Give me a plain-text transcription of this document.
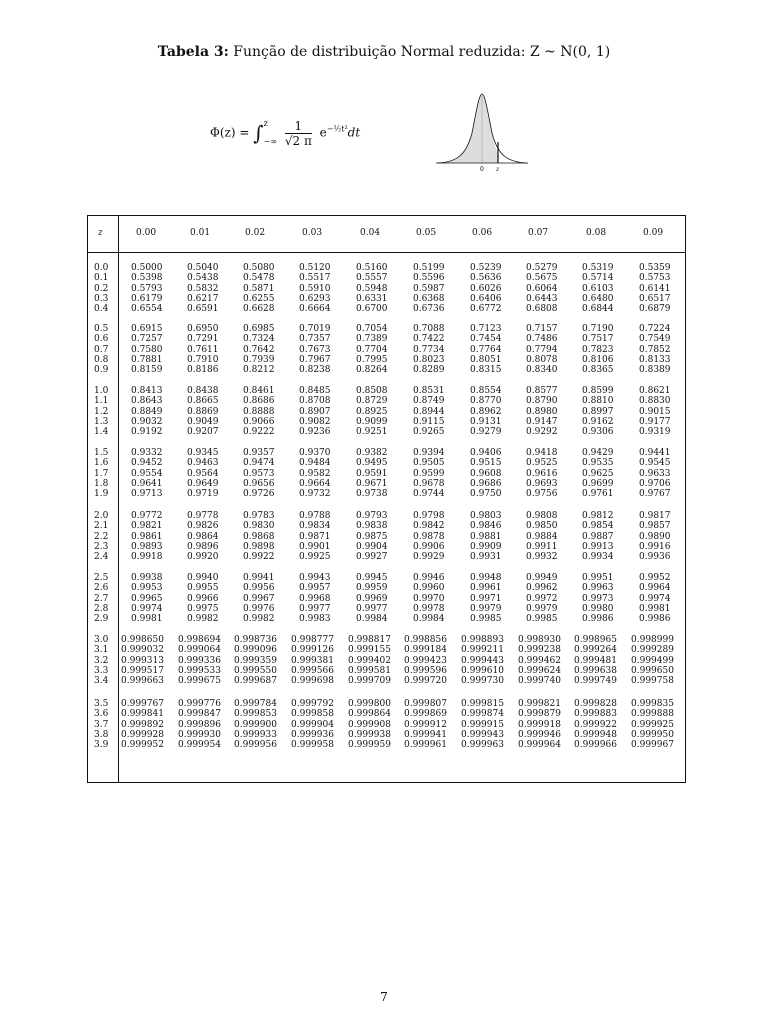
Tabela 3: Função de distribuição Normal reduzida: Z ~ N(0, 1)
Φ(z) = ∫ z
−∞
$\frac{1}{√2 \pi} e^{-\frac{1}{2}t^2}dt$
0 z
z	0.00	0.01	0.02	0.03	0.04	0.05	0.06	0.07	0.08	0.09
0.0	0.5000	0.5040	0.5080	0.5120	0.5160	0.5199	0.5239	0.5279	0.5319	0.5359
0.1	0.5398	0.5438	0.5478	0.5517	0.5557	0.5596	0.5636	0.5675	0.5714	0.5753
0.2	0.5793	0.5832	0.5871	0.5910	0.5948	0.5987	0.6026	0.6064	0.6103	0.6141
0.3	0.6179	0.6217	0.6255	0.6293	0.6331	0.6368	0.6406	0.6443	0.6480	0.6517
0.4	0.6554	0.6591	0.6628	0.6664	0.6700	0.6736	0.6772	0.6808	0.6844	0.6879
0.5	0.6915	0.6950	0.6985	0.7019	0.7054	0.7088	0.7123	0.7157	0.7190	0.7224
0.6	0.7257	0.7291	0.7324	0.7357	0.7389	0.7422	0.7454	0.7486	0.7517	0.7549
0.7	0.7580	0.7611	0.7642	0.7673	0.7704	0.7734	0.7764	0.7794	0.7823	0.7852
0.8	0.7881	0.7910	0.7939	0.7967	0.7995	0.8023	0.8051	0.8078	0.8106	0.8133
0.9	0.8159	0.8186	0.8212	0.8238	0.8264	0.8289	0.8315	0.8340	0.8365	0.8389
1.0	0.8413	0.8438	0.8461	0.8485	0.8508	0.8531	0.8554	0.8577	0.8599	0.8621
1.1	0.8643	0.8665	0.8686	0.8708	0.8729	0.8749	0.8770	0.8790	0.8810	0.8830
1.2	0.8849	0.8869	0.8888	0.8907	0.8925	0.8944	0.8962	0.8980	0.8997	0.9015
1.3	0.9032	0.9049	0.9066	0.9082	0.9099	0.9115	0.9131	0.9147	0.9162	0.9177
1.4	0.9192	0.9207	0.9222	0.9236	0.9251	0.9265	0.9279	0.9292	0.9306	0.9319
1.5	0.9332	0.9345	0.9357	0.9370	0.9382	0.9394	0.9406	0.9418	0.9429	0.9441
1.6	0.9452	0.9463	0.9474	0.9484	0.9495	0.9505	0.9515	0.9525	0.9535	0.9545
1.7	0.9554	0.9564	0.9573	0.9582	0.9591	0.9599	0.9608	0.9616	0.9625	0.9633
1.8	0.9641	0.9649	0.9656	0.9664	0.9671	0.9678	0.9686	0.9693	0.9699	0.9706
1.9	0.9713	0.9719	0.9726	0.9732	0.9738	0.9744	0.9750	0.9756	0.9761	0.9767
2.0	0.9772	0.9778	0.9783	0.9788	0.9793	0.9798	0.9803	0.9808	0.9812	0.9817
2.1	0.9821	0.9826	0.9830	0.9834	0.9838	0.9842	0.9846	0.9850	0.9854	0.9857
2.2	0.9861	0.9864	0.9868	0.9871	0.9875	0.9878	0.9881	0.9884	0.9887	0.9890
2.3	0.9893	0.9896	0.9898	0.9901	0.9904	0.9906	0.9909	0.9911	0.9913	0.9916
2.4	0.9918	0.9920	0.9922	0.9925	0.9927	0.9929	0.9931	0.9932	0.9934	0.9936
2.5	0.9938	0.9940	0.9941	0.9943	0.9945	0.9946	0.9948	0.9949	0.9951	0.9952
2.6	0.9953	0.9955	0.9956	0.9957	0.9959	0.9960	0.9961	0.9962	0.9963	0.9964
2.7	0.9965	0.9966	0.9967	0.9968	0.9969	0.9970	0.9971	0.9972	0.9973	0.9974
2.8	0.9974	0.9975	0.9976	0.9977	0.9977	0.9978	0.9979	0.9979	0.9980	0.9981
2.9	0.9981	0.9982	0.9982	0.9983	0.9984	0.9984	0.9985	0.9985	0.9986	0.9986
3.0	0.998650	0.998694	0.998736	0.998777	0.998817	0.998856	0.998893	0.998930	0.998965	0.998999
3.1	0.999032	0.999064	0.999096	0.999126	0.999155	0.999184	0.999211	0.999238	0.999264	0.999289
3.2	0.999313	0.999336	0.999359	0.999381	0.999402	0.999423	0.999443	0.999462	0.999481	0.999499
3.3	0.999517	0.999533	0.999550	0.999566	0.999581	0.999596	0.999610	0.999624	0.999638	0.999650
3.4	0.999663	0.999675	0.999687	0.999698	0.999709	0.999720	0.999730	0.999740	0.999749	0.999758
3.5	0.999767	0.999776	0.999784	0.999792	0.999800	0.999807	0.999815	0.999821	0.999828	0.999835
3.6	0.999841	0.999847	0.999853	0.999858	0.999864	0.999869	0.999874	0.999879	0.999883	0.999888
3.7	0.999892	0.999896	0.999900	0.999904	0.999908	0.999912	0.999915	0.999918	0.999922	0.999925
3.8	0.999928	0.999930	0.999933	0.999936	0.999938	0.999941	0.999943	0.999946	0.999948	0.999950
3.9	0.999952	0.999954	0.999956	0.999958	0.999959	0.999961	0.999963	0.999964	0.999966	0.999967
7
